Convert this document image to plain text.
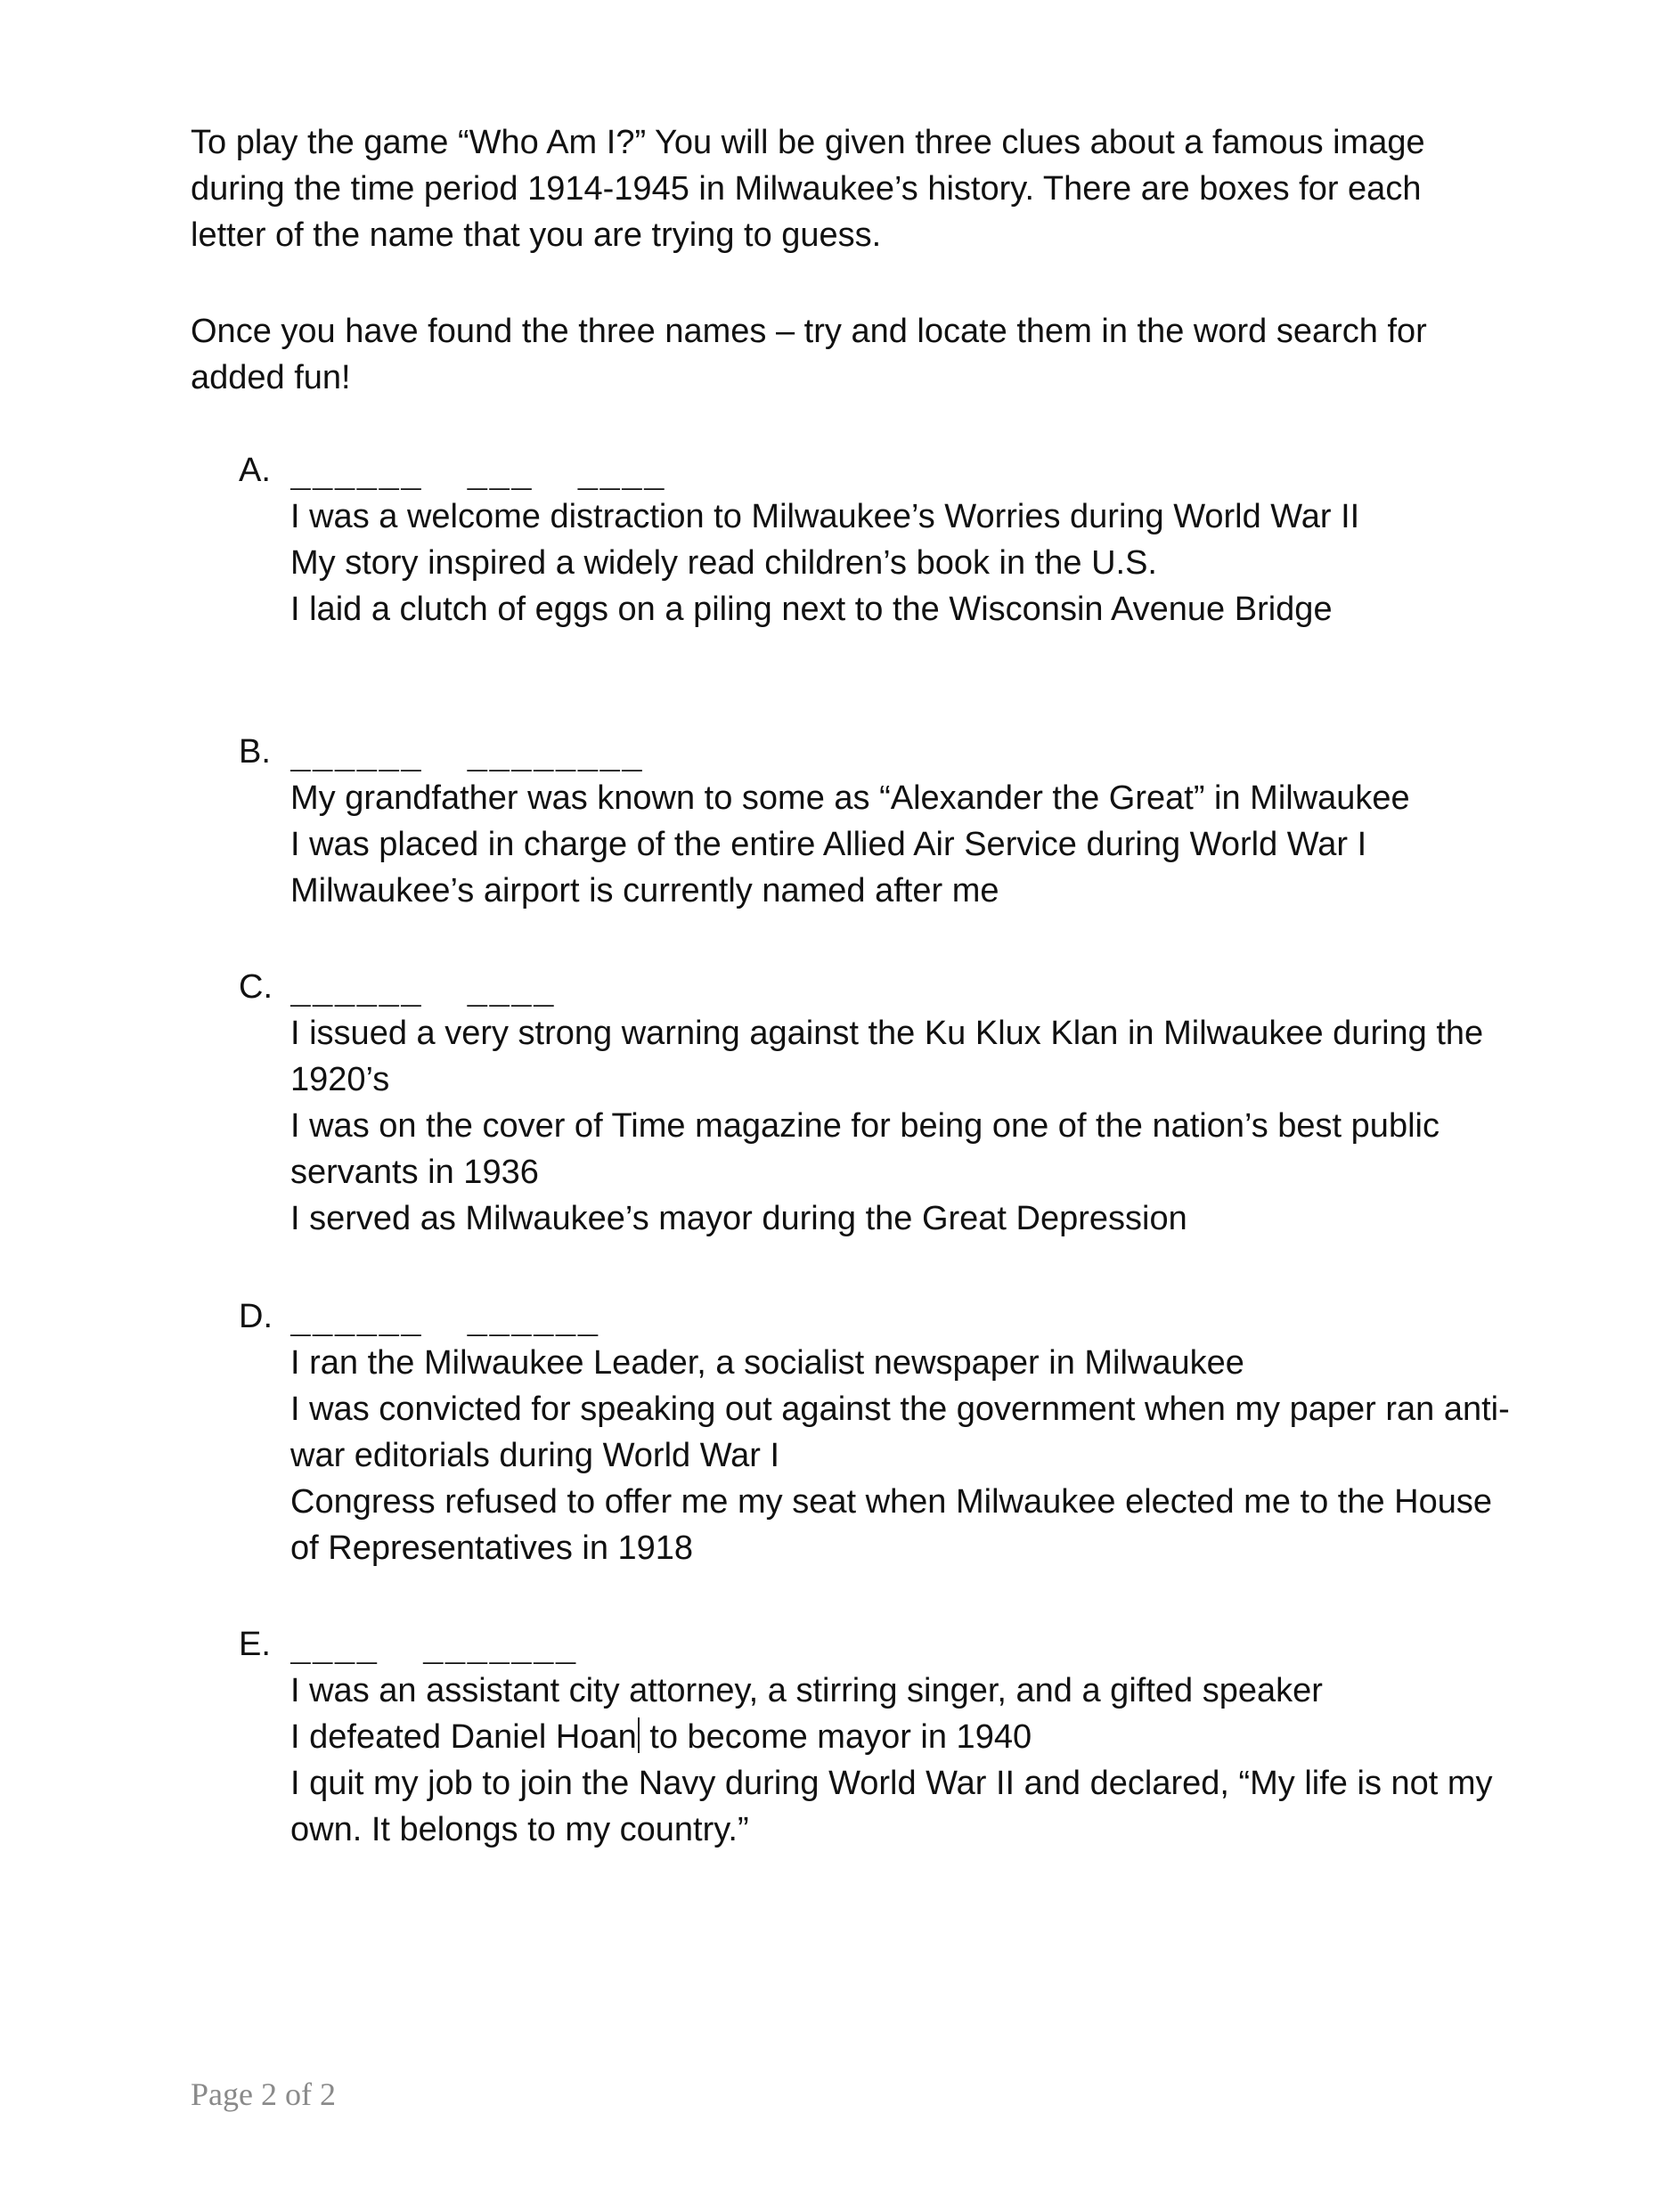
To play the game “Who Am I?” You will be given three clues about a famous image during the time period 1914-1945 in Milwaukee’s history. There are boxes for each letter of the name that you are trying to guess.

Once you have found the three names – try and locate them in the word search for added fun!

A. ______  ___  ____
I was a welcome distraction to Milwaukee’s Worries during World War II
My story inspired a widely read children’s book in the U.S.
I laid a clutch of eggs on a piling next to the Wisconsin Avenue Bridge
B. ______  ________
My grandfather was known to some as “Alexander the Great” in Milwaukee
I was placed in charge of the entire Allied Air Service during World War I
Milwaukee’s airport is currently named after me
C. ______  ____
I issued a very strong warning against the Ku Klux Klan in Milwaukee during the 1920’s
I was on the cover of Time magazine for being one of the nation’s best public servants in 1936
I served as Milwaukee’s mayor during the Great Depression
D. ______  ______
I ran the Milwaukee Leader, a socialist newspaper in Milwaukee
I was convicted for speaking out against the government when my paper ran anti-war editorials during World War I
Congress refused to offer me my seat when Milwaukee elected me to the House of Representatives in 1918
E. ____  _______
I was an assistant city attorney, a stirring singer, and a gifted speaker
I defeated Daniel Hoan to become mayor in 1940
I quit my job to join the Navy during World War II and declared, “My life is not my own. It belongs to my country.”
Page 2 of 2
